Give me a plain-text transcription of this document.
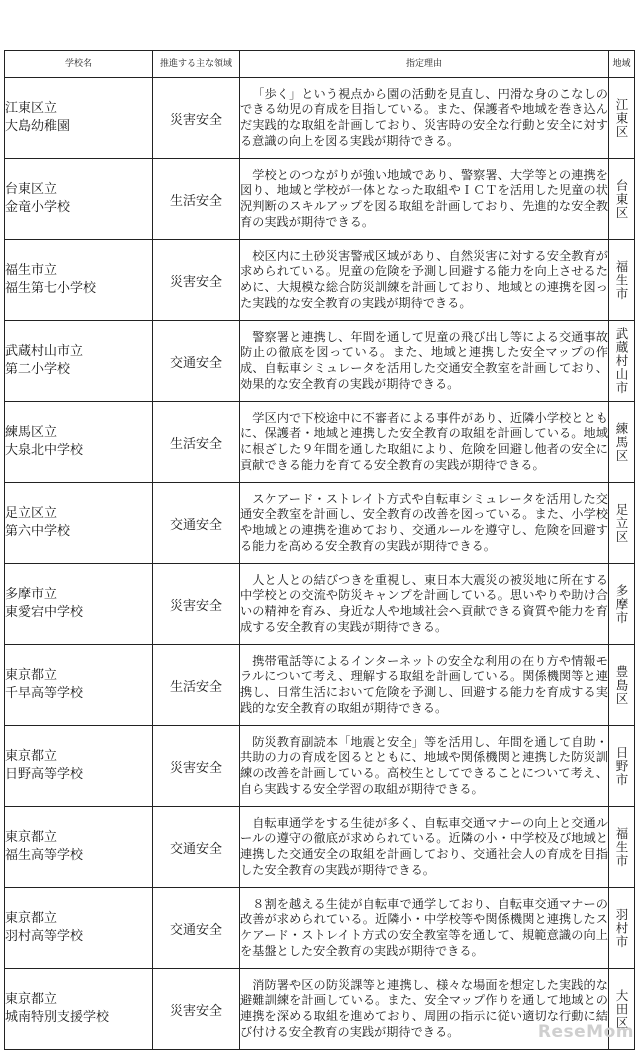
学校名	推進する主な領域	指定理由	地域

江東区立
大島幼稚園	災害安全	「歩く」という視点から園の活動を見直し、円滑な身のこなしのできる幼児の育成を目指している。また、保護者や地域を巻き込んだ実践的な取組を計画しており、災害時の安全な行動と安全に対する意識の向上を図る実践が期待できる。	江東区

台東区立
金竜小学校	生活安全	学校とのつながりが強い地域であり、警察署、大学等との連携を図り、地域と学校が一体となった取組やＩＣＴを活用した児童の状況判断のスキルアップを図る取組を計画しており、先進的な安全教育の実践が期待できる。	台東区

福生市立
福生第七小学校	災害安全	校区内に土砂災害警戒区域があり、自然災害に対する安全教育が求められている。児童の危険を予測し回避する能力を向上させるために、大規模な総合防災訓練を計画しており、地域との連携を図った実践的な安全教育の実践が期待できる。	福生市

武蔵村山市立
第二小学校	交通安全	警察署と連携し、年間を通して児童の飛び出し等による交通事故防止の徹底を図っている。また、地域と連携した安全マップの作成、自転車シミュレータを活用した交通安全教室を計画しており、効果的な安全教育の実践が期待できる。	武蔵村山市

練馬区立
大泉北中学校	生活安全	学区内で下校途中に不審者による事件があり、近隣小学校とともに、保護者・地域と連携した安全教育の取組を計画している。地域に根ざした９年間を通した取組により、危険を回避し他者の安全に貢献できる能力を育てる安全教育の実践が期待できる。	練馬区

足立区立
第六中学校	交通安全	スケアード・ストレイト方式や自転車シミュレータを活用した交通安全教室を計画し、安全教育の改善を図っている。また、小学校や地域との連携を進めており、交通ルールを遵守し、危険を回避する能力を高める安全教育の実践が期待できる。	足立区

多摩市立
東愛宕中学校	災害安全	人と人との結びつきを重視し、東日本大震災の被災地に所在する中学校との交流や防災キャンプを計画している。思いやりや助け合いの精神を育み、身近な人や地域社会へ貢献できる資質や能力を育成する安全教育の実践が期待できる。	多摩市

東京都立
千早高等学校	生活安全	携帯電話等によるインターネットの安全な利用の在り方や情報モラルについて考え、理解する取組を計画している。関係機関等と連携し、日常生活において危険を予測し、回避する能力を育成する実践的な安全教育の取組が期待できる。	豊島区

東京都立
日野高等学校	災害安全	防災教育副読本「地震と安全」等を活用し、年間を通して自助・共助の力の育成を図るとともに、地域や関係機関と連携した防災訓練の改善を計画している。高校生としてできることについて考え、自ら実践する安全学習の取組が期待できる。	日野市

東京都立
福生高等学校	交通安全	自転車通学をする生徒が多く、自転車交通マナーの向上と交通ルールの遵守の徹底が求められている。近隣の小・中学校及び地域と連携した交通安全の取組を計画しており、交通社会人の育成を目指した安全教育の実践が期待できる。	福生市

東京都立
羽村高等学校	交通安全	８割を越える生徒が自転車で通学しており、自転車交通マナーの改善が求められている。近隣小・中学校等や関係機関と連携したスケアード・ストレイト方式の安全教室等を通して、規範意識の向上を基盤とした安全教育の実践が期待できる。	羽村市

東京都立
城南特別支援学校	災害安全	消防署や区の防災課等と連携し、様々な場面を想定した実践的な避難訓練を計画している。また、安全マップ作りを通して地域との連携を深める取組を進めており、周囲の指示に従い適切な行動に結び付ける安全教育の実践が期待できる。	大田区
ReseMom
